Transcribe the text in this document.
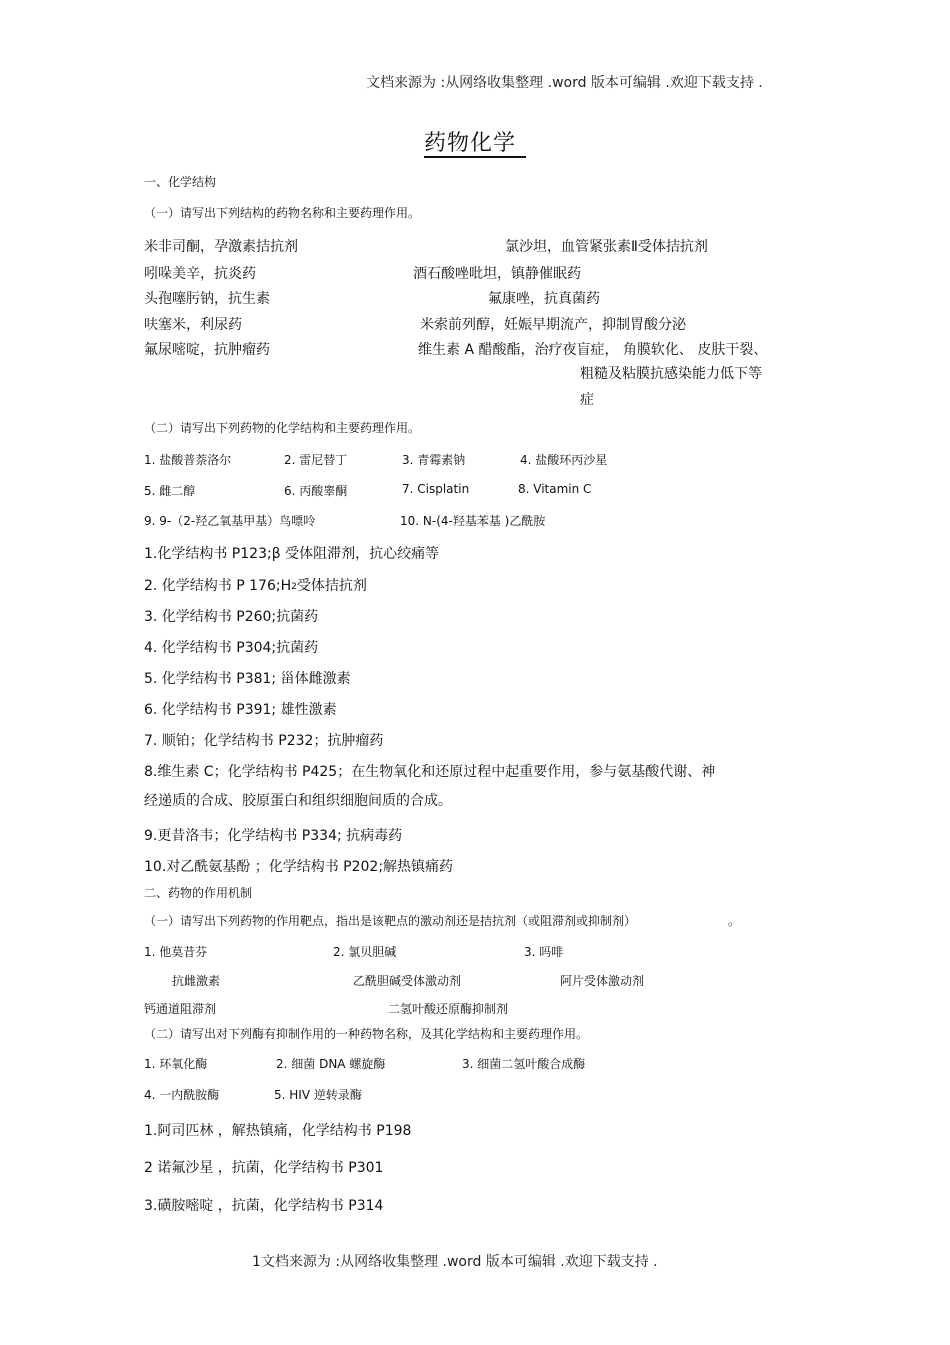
文档来源为 :从网络收集整理 .word 版本可编辑 .欢迎下载支持 .
药物化学
一、化学结构
（一）请写出下列结构的药物名称和主要药理作用。
米非司酮，孕激素拮抗剂	氯沙坦，血管紧张素Ⅱ受体拮抗剂
吲哚美辛，抗炎药	酒石酸唑吡坦，镇静催眠药
头孢噻肟钠，抗生素	氟康唑，抗真菌药
呋塞米，利尿药	米索前列醇，妊娠早期流产，抑制胃酸分泌
氟尿嘧啶，抗肿瘤药	维生素 A 醋酸酯，治疗夜盲症， 角膜软化、 皮肤干裂、
粗糙及粘膜抗感染能力低下等
症
（二）请写出下列药物的化学结构和主要药理作用。
1. 盐酸普萘洛尔	2. 雷尼替丁	3. 青霉素钠	4. 盐酸环丙沙星
5. 雌二醇	6. 丙酸睾酮	7. Cisplatin	8. Vitamin C
9. 9-（2-羟乙氧基甲基）鸟嘌呤	10. N-(4-羟基苯基 )乙酰胺
1.化学结构书 P123;β 受体阻滞剂，抗心绞痛等
2. 化学结构书 P $176;H_2$受体拮抗剂
3. 化学结构书 P260;抗菌药
4. 化学结构书 P304;抗菌药
5. 化学结构书 P381; 甾体雌激素
6. 化学结构书 P391; 雄性激素
7. 顺铂；化学结构书 P232；抗肿瘤药
8.维生素 C；化学结构书 P425；在生物氧化和还原过程中起重要作用，参与氨基酸代谢、神
经递质的合成、胶原蛋白和组织细胞间质的合成。
9.更昔洛韦；化学结构书 P334; 抗病毒药
10.对乙酰氨基酚 ；化学结构书 P202;解热镇痛药
二、药物的作用机制
（一）请写出下列药物的作用靶点，指出是该靶点的激动剂还是拮抗剂（或阻滞剂或抑制剂）	。
1. 他莫昔芬	2. 氯贝胆碱	3. 吗啡
抗雌激素	乙酰胆碱受体激动剂	阿片受体激动剂
钙通道阻滞剂	二氢叶酸还原酶抑制剂
（二）请写出对下列酶有抑制作用的一种药物名称，及其化学结构和主要药理作用。
1. 环氧化酶	2. 细菌 DNA 螺旋酶	3. 细菌二氢叶酸合成酶
4. 一内酰胺酶	5. HIV 逆转录酶
1.阿司匹林 ，解热镇痛，化学结构书 P198
2 诺氟沙星 ，抗菌，化学结构书 P301
3.磺胺嘧啶 ，抗菌，化学结构书 P314
1文档来源为 :从网络收集整理 .word 版本可编辑 .欢迎下载支持 .
